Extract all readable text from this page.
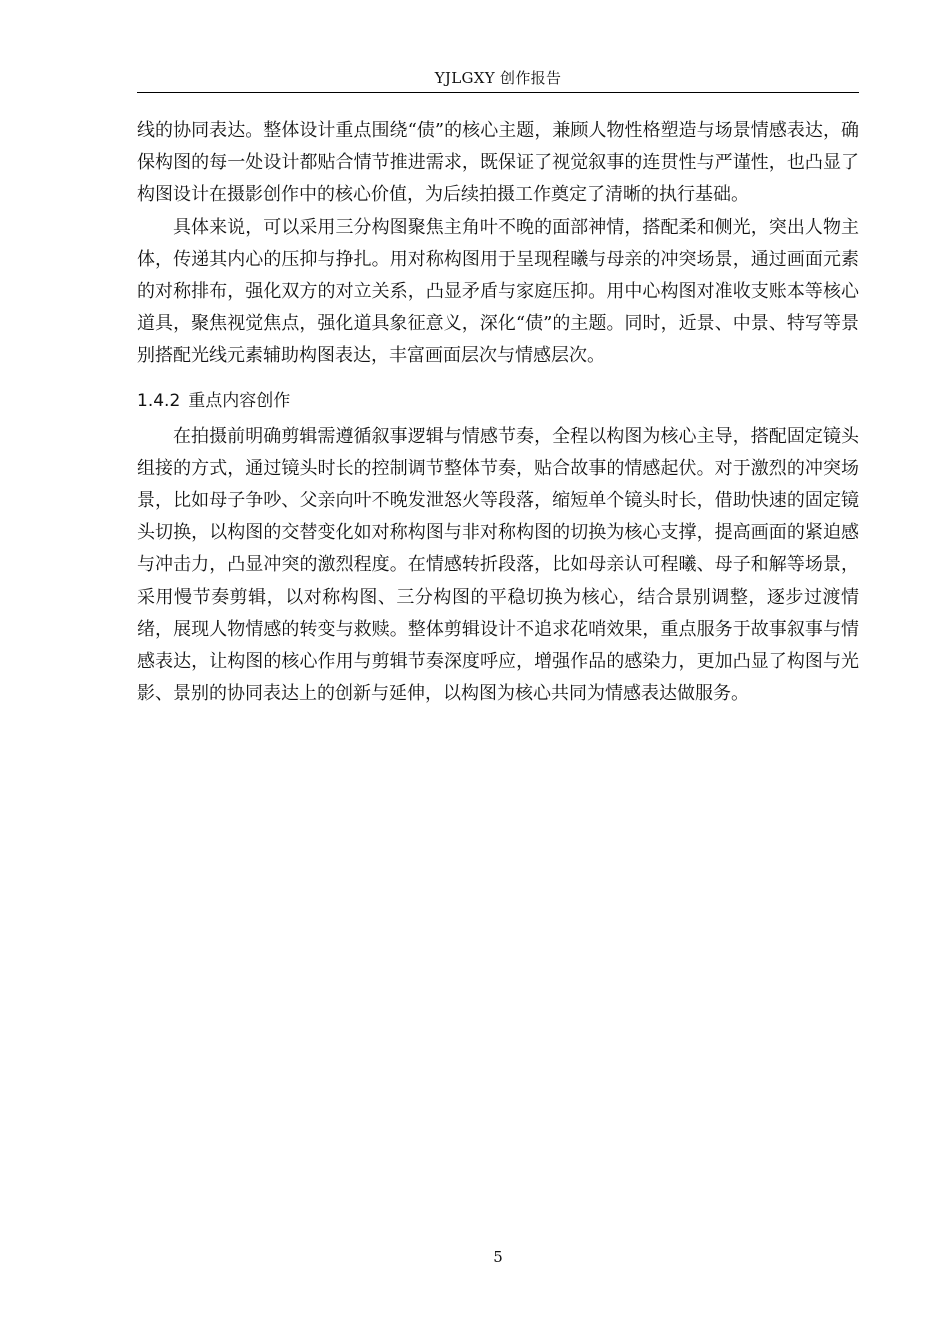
YJLGXY 创作报告

线的协同表达。整体设计重点围绕“债”的核心主题，兼顾人物性格塑造与场景情感表达，确保构图的每一处设计都贴合情节推进需求，既保证了视觉叙事的连贯性与严谨性，也凸显了构图设计在摄影创作中的核心价值，为后续拍摄工作奠定了清晰的执行基础。

具体来说，可以采用三分构图聚焦主角叶不晚的面部神情，搭配柔和侧光，突出人物主体，传递其内心的压抑与挣扎。用对称构图用于呈现程曦与母亲的冲突场景，通过画面元素的对称排布，强化双方的对立关系，凸显矛盾与家庭压抑。用中心构图对准收支账本等核心道具，聚焦视觉焦点，强化道具象征意义，深化“债”的主题。同时，近景、中景、特写等景别搭配光线元素辅助构图表达，丰富画面层次与情感层次。

1.4.2 重点内容创作

在拍摄前明确剪辑需遵循叙事逻辑与情感节奏，全程以构图为核心主导，搭配固定镜头组接的方式，通过镜头时长的控制调节整体节奏，贴合故事的情感起伏。对于激烈的冲突场景，比如母子争吵、父亲向叶不晚发泄怒火等段落，缩短单个镜头时长，借助快速的固定镜头切换，以构图的交替变化如对称构图与非对称构图的切换为核心支撑，提高画面的紧迫感与冲击力，凸显冲突的激烈程度。在情感转折段落，比如母亲认可程曦、母子和解等场景，采用慢节奏剪辑，以对称构图、三分构图的平稳切换为核心，结合景别调整，逐步过渡情绪，展现人物情感的转变与救赎。整体剪辑设计不追求花哨效果，重点服务于故事叙事与情感表达，让构图的核心作用与剪辑节奏深度呼应，增强作品的感染力，更加凸显了构图与光影、景别的协同表达上的创新与延伸，以构图为核心共同为情感表达做服务。

5
